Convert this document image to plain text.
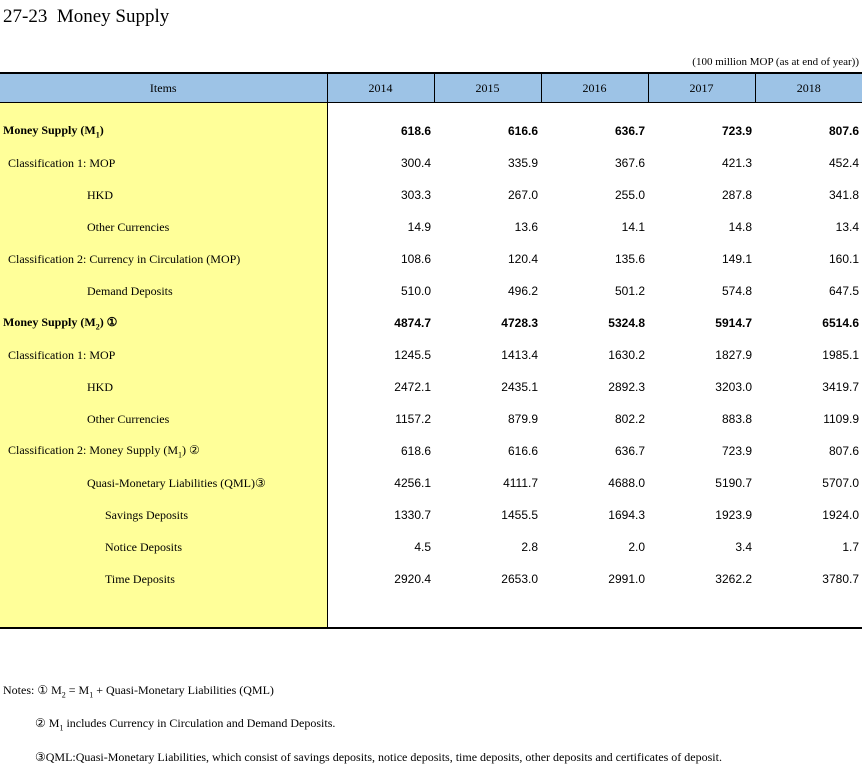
27-23  Money Supply
(100 million MOP (as at end of year))
Items	2014	2015	2016	2017	2018

Money Supply $(M_1)$	618.6	616.6	636.7	723.9	807.6
Classification 1: MOP	300.4	335.9	367.6	421.3	452.4
HKD	303.3	267.0	255.0	287.8	341.8
Other Currencies	14.9	13.6	14.1	14.8	13.4
Classification 2: Currency in Circulation (MOP)	108.6	120.4	135.6	149.1	160.1
Demand Deposits	510.0	496.2	501.2	574.8	647.5
Money Supply $(M_2)$ ①	4874.7	4728.3	5324.8	5914.7	6514.6
Classification 1: MOP	1245.5	1413.4	1630.2	1827.9	1985.1
HKD	2472.1	2435.1	2892.3	3203.0	3419.7
Other Currencies	1157.2	879.9	802.2	883.8	1109.9
Classification 2: Money Supply $(M_1)$ ②	618.6	616.6	636.7	723.9	807.6
Quasi-Monetary Liabilities (QML)③	4256.1	4111.7	4688.0	5190.7	5707.0
Savings Deposits	1330.7	1455.5	1694.3	1923.9	1924.0
Notice Deposits	4.5	2.8	2.0	3.4	1.7
Time Deposits	2920.4	2653.0	2991.0	3262.2	3780.7

Notes: ① $M_2 = M_1$ + Quasi-Monetary Liabilities (QML)
② $M_1$ includes Currency in Circulation and Demand Deposits.
③QML:Quasi-Monetary Liabilities, which consist of savings deposits, notice deposits, time deposits, other deposits and certificates of deposit.
